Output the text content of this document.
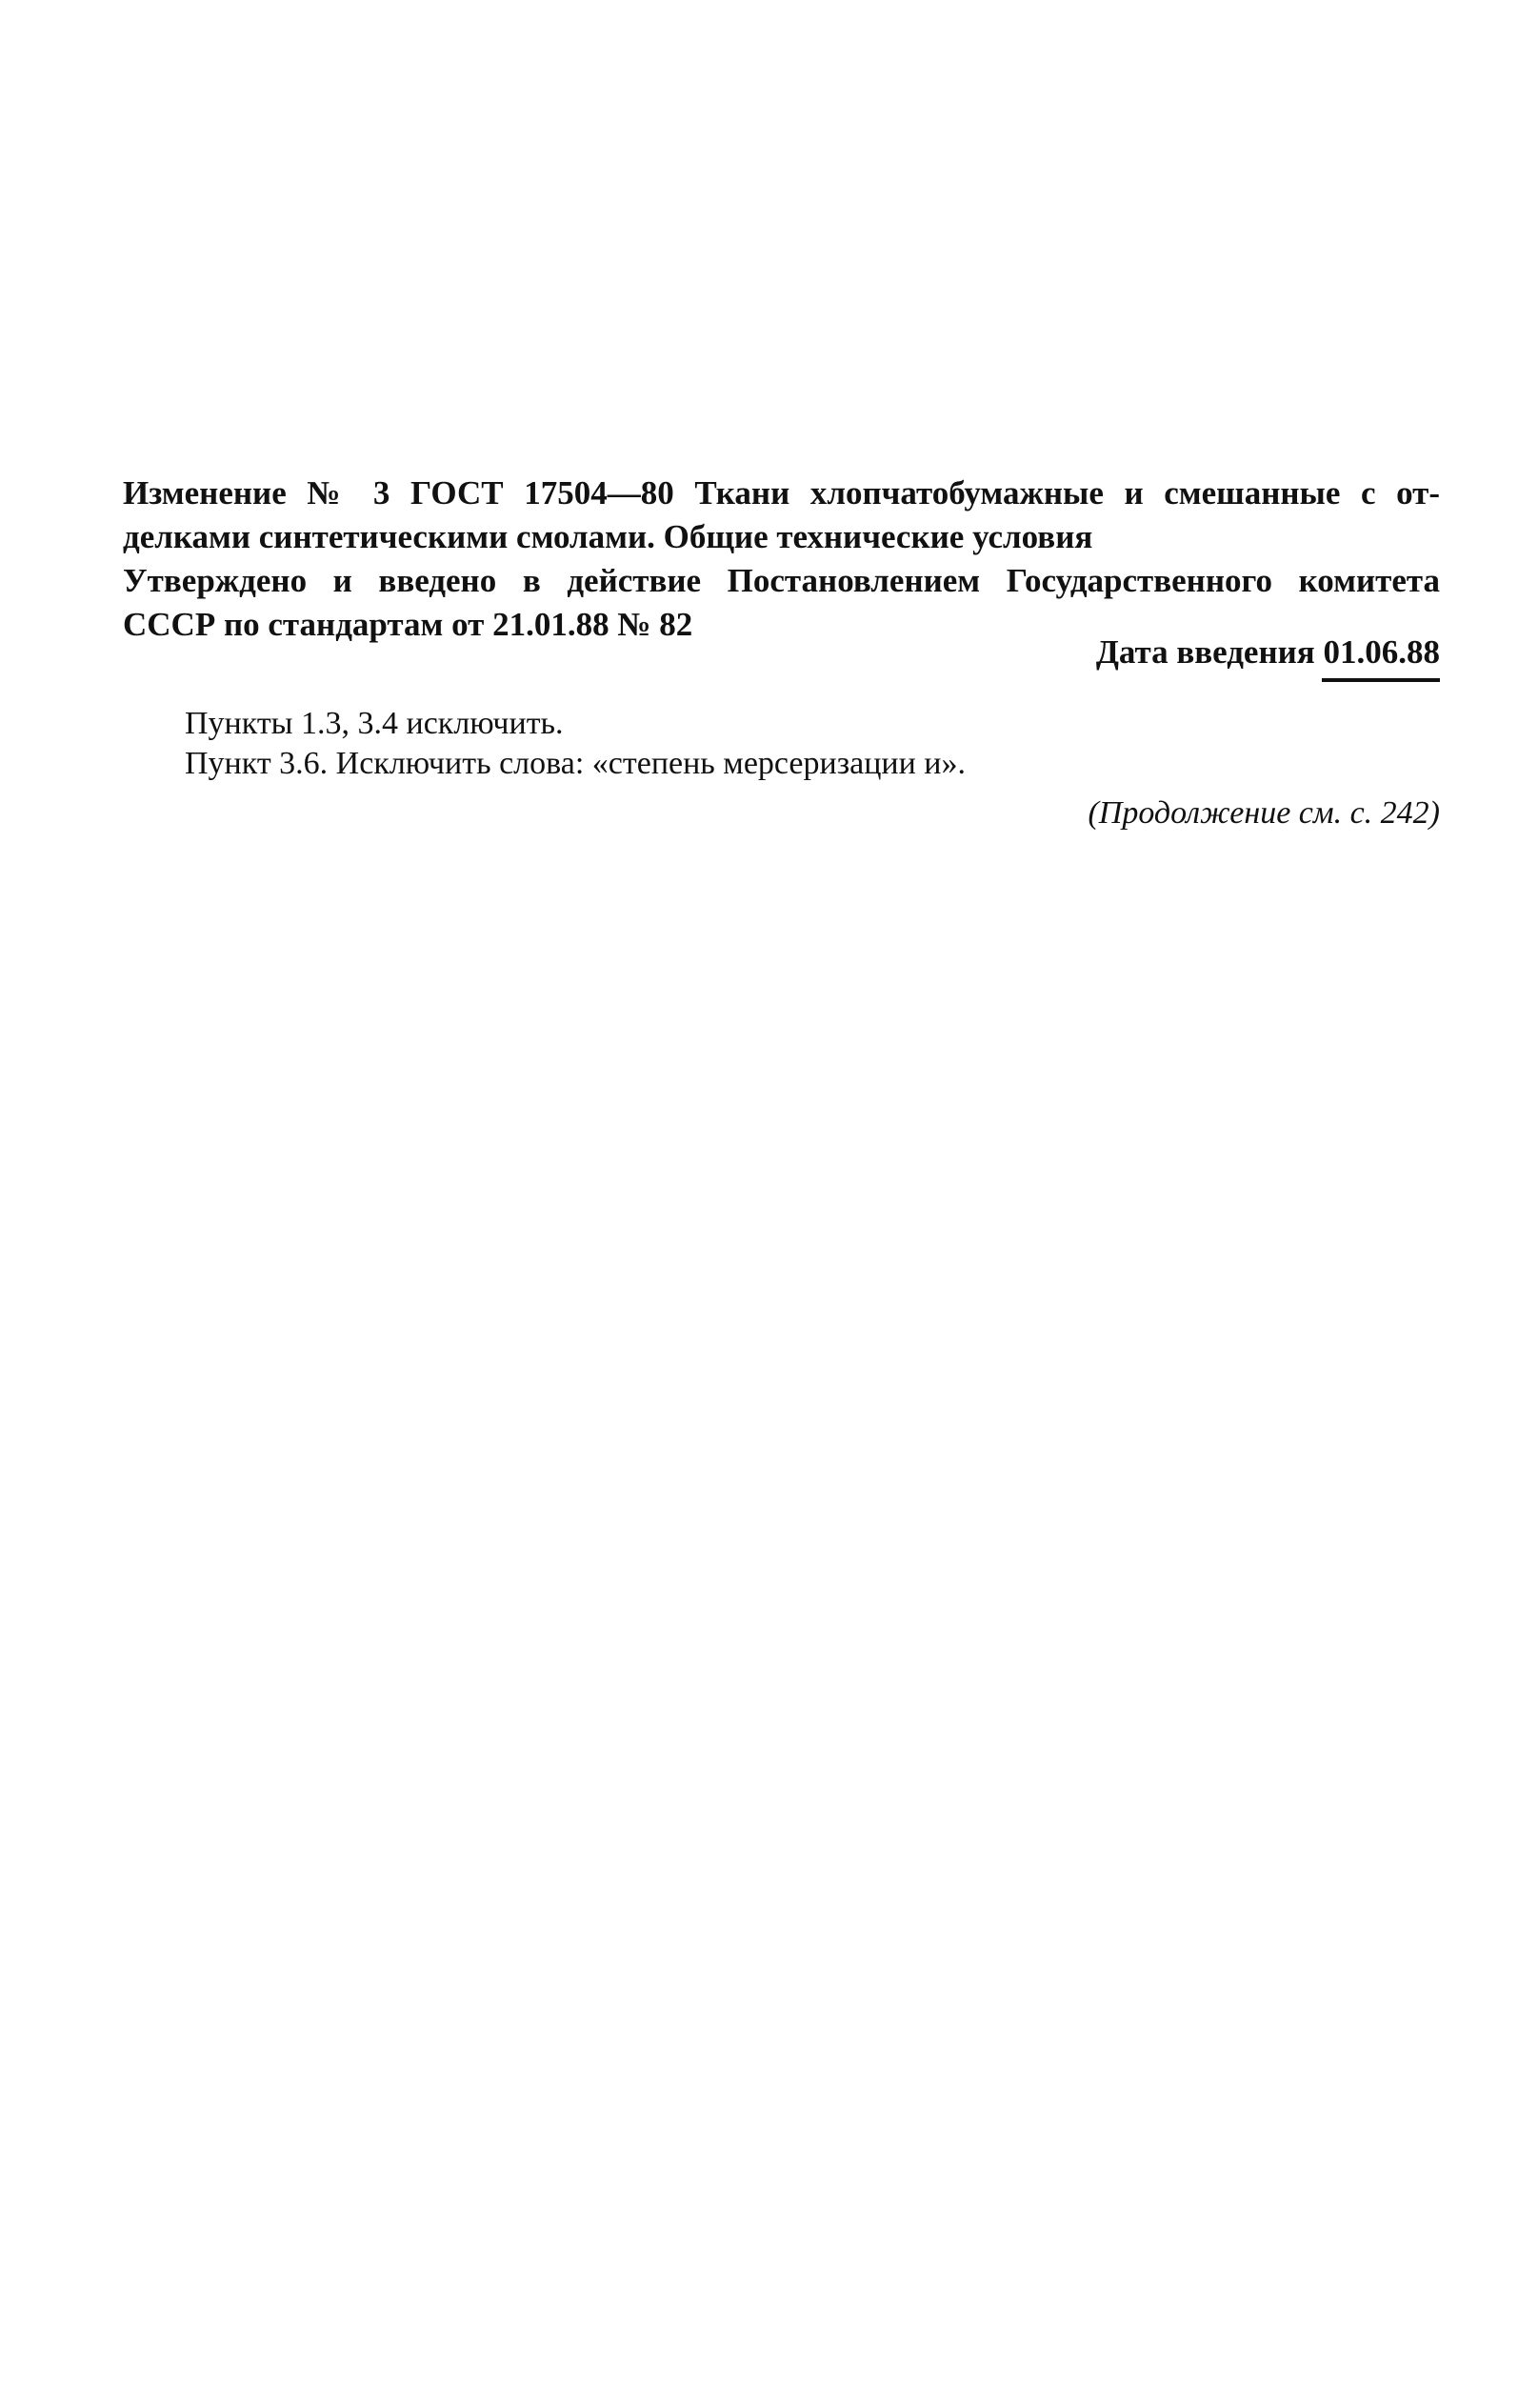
Изменение № 3 ГОСТ 17504—80 Ткани хлопчатобумажные и смешанные с от-
делками синтетическими смолами. Общие технические условия
Утверждено и введено в действие Постановлением Государственного комитета
СССР по стандартам от 21.01.88 № 82
Дата введения 01.06.88

Пункты 1.3, 3.4 исключить.

Пункт 3.6. Исключить слова: «степень мерсеризации и».

(Продолжение см. с. 242)
